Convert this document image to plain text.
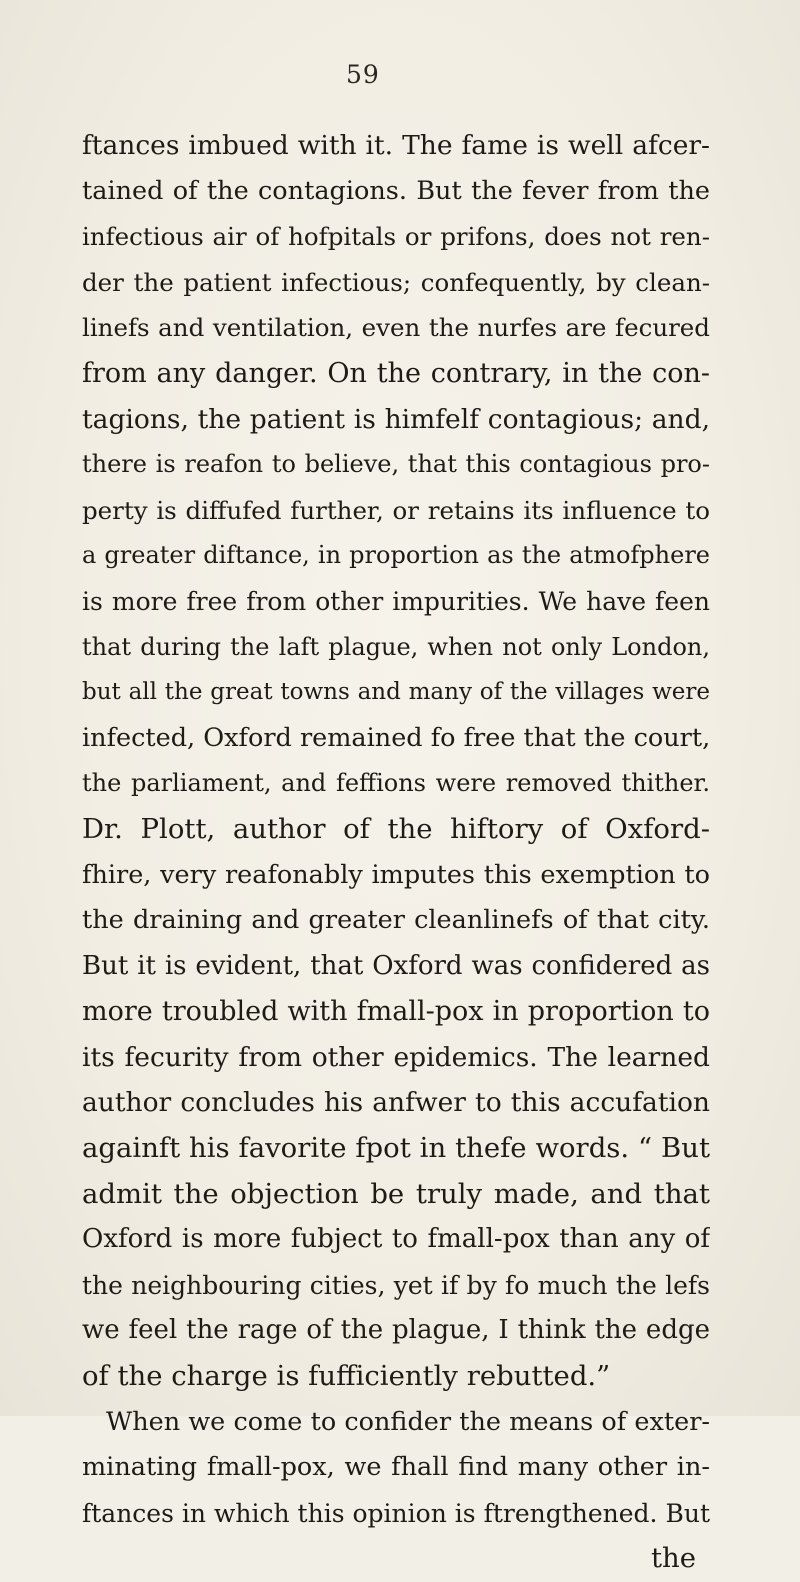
59
ftances imbued with it. The fame is well afcer-
tained of the contagions. But the fever from the
infectious air of hofpitals or prifons, does not ren-
der the patient infectious; confequently, by clean-
linefs and ventilation, even the nurfes are fecured
from any danger. On the contrary, in the con-
tagions, the patient is himfelf contagious; and,
there is reafon to believe, that this contagious pro-
perty is diffufed further, or retains its influence to
a greater diftance, in proportion as the atmofphere
is more free from other impurities. We have feen
that during the laft plague, when not only London,
but all the great towns and many of the villages were
infected, Oxford remained fo free that the court,
the parliament, and feffions were removed thither.
Dr. Plott, author of the hiftory of Oxford-
fhire, very reafonably imputes this exemption to
the draining and greater cleanlinefs of that city.
But it is evident, that Oxford was confidered as
more troubled with fmall-pox in proportion to
its fecurity from other epidemics. The learned
author concludes his anfwer to this accufation
againft his favorite fpot in thefe words. “ But
admit the objection be truly made, and that
Oxford is more fubject to fmall-pox than any of
the neighbouring cities, yet if by fo much the lefs
we feel the rage of the plague, I think the edge
of the charge is fufficiently rebutted.”
When we come to confider the means of exter-
minating fmall-pox, we fhall find many other in-
ftances in which this opinion is ftrengthened. But
the
